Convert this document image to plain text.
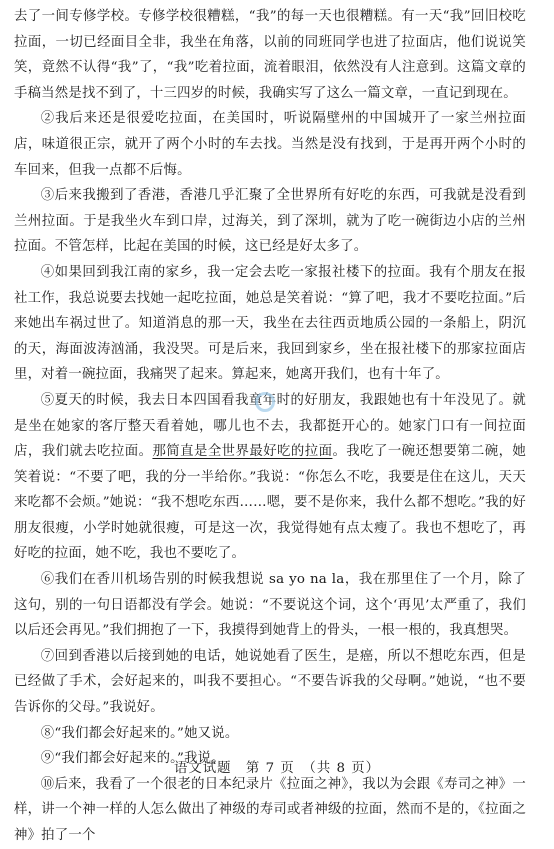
去了一间专修学校。专修学校很糟糕，“我”的每一天也很糟糕。有一天“我”回旧校吃拉面，一切已经面目全非，我坐在角落，以前的同班同学也进了拉面店，他们说说笑笑，竟然不认得“我”了，“我”吃着拉面，流着眼泪，依然没有人注意到。这篇文章的手稿当然是找不到了，十三四岁的时候，我确实写了这么一篇文章，一直记到现在。

②我后来还是很爱吃拉面，在美国时，听说隔壁州的中国城开了一家兰州拉面店，味道很正宗，就开了两个小时的车去找。当然是没有找到，于是再开两个小时的车回来，但我一点都不后悔。

③后来我搬到了香港，香港几乎汇聚了全世界所有好吃的东西，可我就是没看到兰州拉面。于是我坐火车到口岸，过海关，到了深圳，就为了吃一碗街边小店的兰州拉面。不管怎样，比起在美国的时候，这已经是好太多了。

④如果回到我江南的家乡，我一定会去吃一家报社楼下的拉面。我有个朋友在报社工作，我总说要去找她一起吃拉面，她总是笑着说：“算了吧，我才不要吃拉面。”后来她出车祸过世了。知道消息的那一天，我坐在去往西贡地质公园的一条船上，阴沉的天，海面波涛汹涌，我没哭。可是后来，我回到家乡，坐在报社楼下的那家拉面店里，对着一碗拉面，我痛哭了起来。算起来，她离开我们，也有十年了。

⑤夏天的时候，我去日本四国看我童年时的好朋友，我跟她也有十年没见了。就是坐在她家的客厅整天看着她，哪儿也不去，我都挺开心的。她家门口有一间拉面店，我们就去吃拉面。那简直是全世界最好吃的拉面。我吃了一碗还想要第二碗，她笑着说：“不要了吧，我的分一半给你。”我说：“你怎么不吃，我要是住在这儿，天天来吃都不会烦。”她说：“我不想吃东西……嗯，要不是你来，我什么都不想吃。”我的好朋友很瘦，小学时她就很瘦，可是这一次，我觉得她有点太瘦了。我也不想吃了，再好吃的拉面，她不吃，我也不要吃了。

⑥我们在香川机场告别的时候我想说 sa yo na la，我在那里住了一个月，除了这句，别的一句日语都没有学会。她说：“不要说这个词，这个‘再见’太严重了，我们以后还会再见。”我们拥抱了一下，我摸得到她背上的骨头，一根一根的，我真想哭。

⑦回到香港以后接到她的电话，她说她看了医生，是癌，所以不想吃东西，但是已经做了手术，会好起来的，叫我不要担心。“不要告诉我的父母啊。”她说，“也不要告诉你的父母。”我说好。

⑧“我们都会好起来的。”她又说。

⑨“我们都会好起来的。”我说。

⑩后来，我看了一个很老的日本纪录片《拉面之神》，我以为会跟《寿司之神》一样，讲一个神一样的人怎么做出了神级的寿司或者神级的拉面，然而不是的，《拉面之神》拍了一个

语文试题　第 7 页　（共 8 页）
